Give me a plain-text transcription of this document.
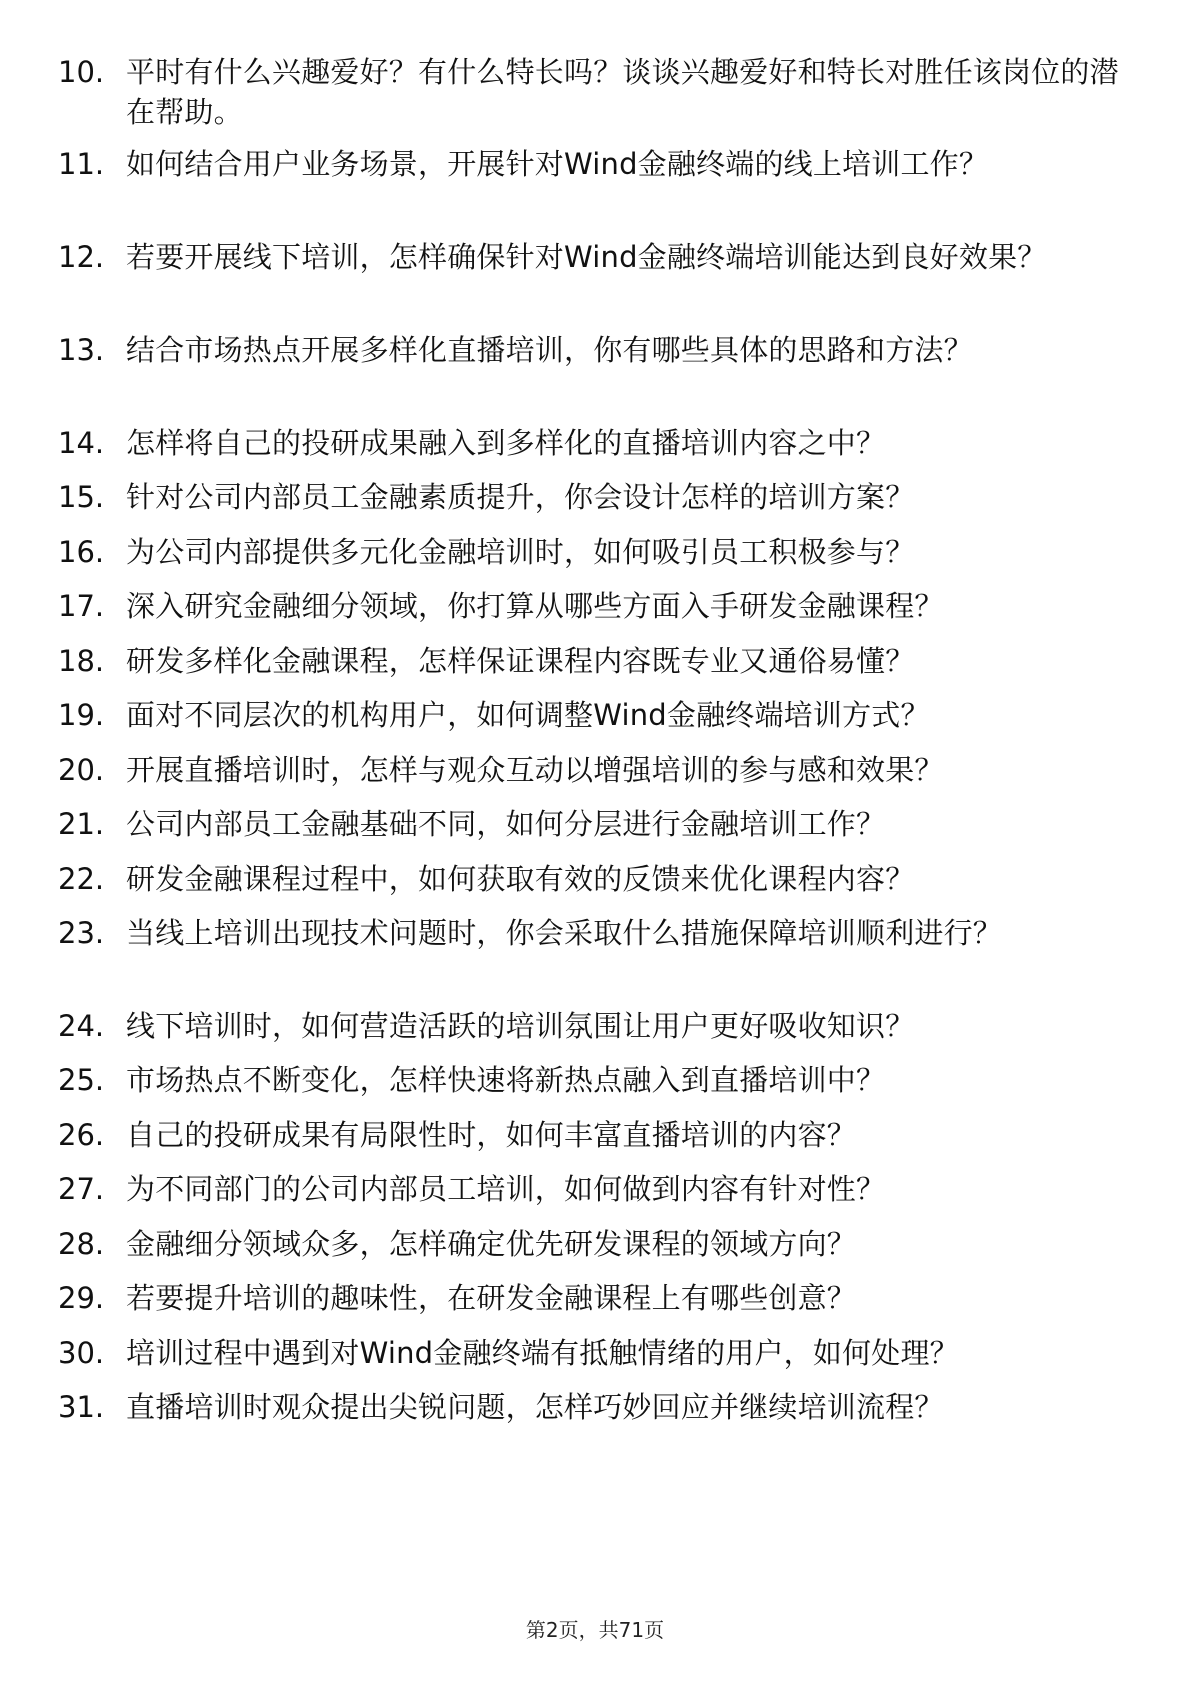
10. 平时有什么兴趣爱好？有什么特长吗？谈谈兴趣爱好和特长对胜任该岗位的潜在帮助。
11. 如何结合用户业务场景，开展针对Wind金融终端的线上培训工作？
12. 若要开展线下培训，怎样确保针对Wind金融终端培训能达到良好效果？
13. 结合市场热点开展多样化直播培训，你有哪些具体的思路和方法？
14. 怎样将自己的投研成果融入到多样化的直播培训内容之中？
15. 针对公司内部员工金融素质提升，你会设计怎样的培训方案？
16. 为公司内部提供多元化金融培训时，如何吸引员工积极参与？
17. 深入研究金融细分领域，你打算从哪些方面入手研发金融课程？
18. 研发多样化金融课程，怎样保证课程内容既专业又通俗易懂？
19. 面对不同层次的机构用户，如何调整Wind金融终端培训方式？
20. 开展直播培训时，怎样与观众互动以增强培训的参与感和效果？
21. 公司内部员工金融基础不同，如何分层进行金融培训工作？
22. 研发金融课程过程中，如何获取有效的反馈来优化课程内容？
23. 当线上培训出现技术问题时，你会采取什么措施保障培训顺利进行？
24. 线下培训时，如何营造活跃的培训氛围让用户更好吸收知识？
25. 市场热点不断变化，怎样快速将新热点融入到直播培训中？
26. 自己的投研成果有局限性时，如何丰富直播培训的内容？
27. 为不同部门的公司内部员工培训，如何做到内容有针对性？
28. 金融细分领域众多，怎样确定优先研发课程的领域方向？
29. 若要提升培训的趣味性，在研发金融课程上有哪些创意？
30. 培训过程中遇到对Wind金融终端有抵触情绪的用户，如何处理？
31. 直播培训时观众提出尖锐问题，怎样巧妙回应并继续培训流程？
第2页，共71页
